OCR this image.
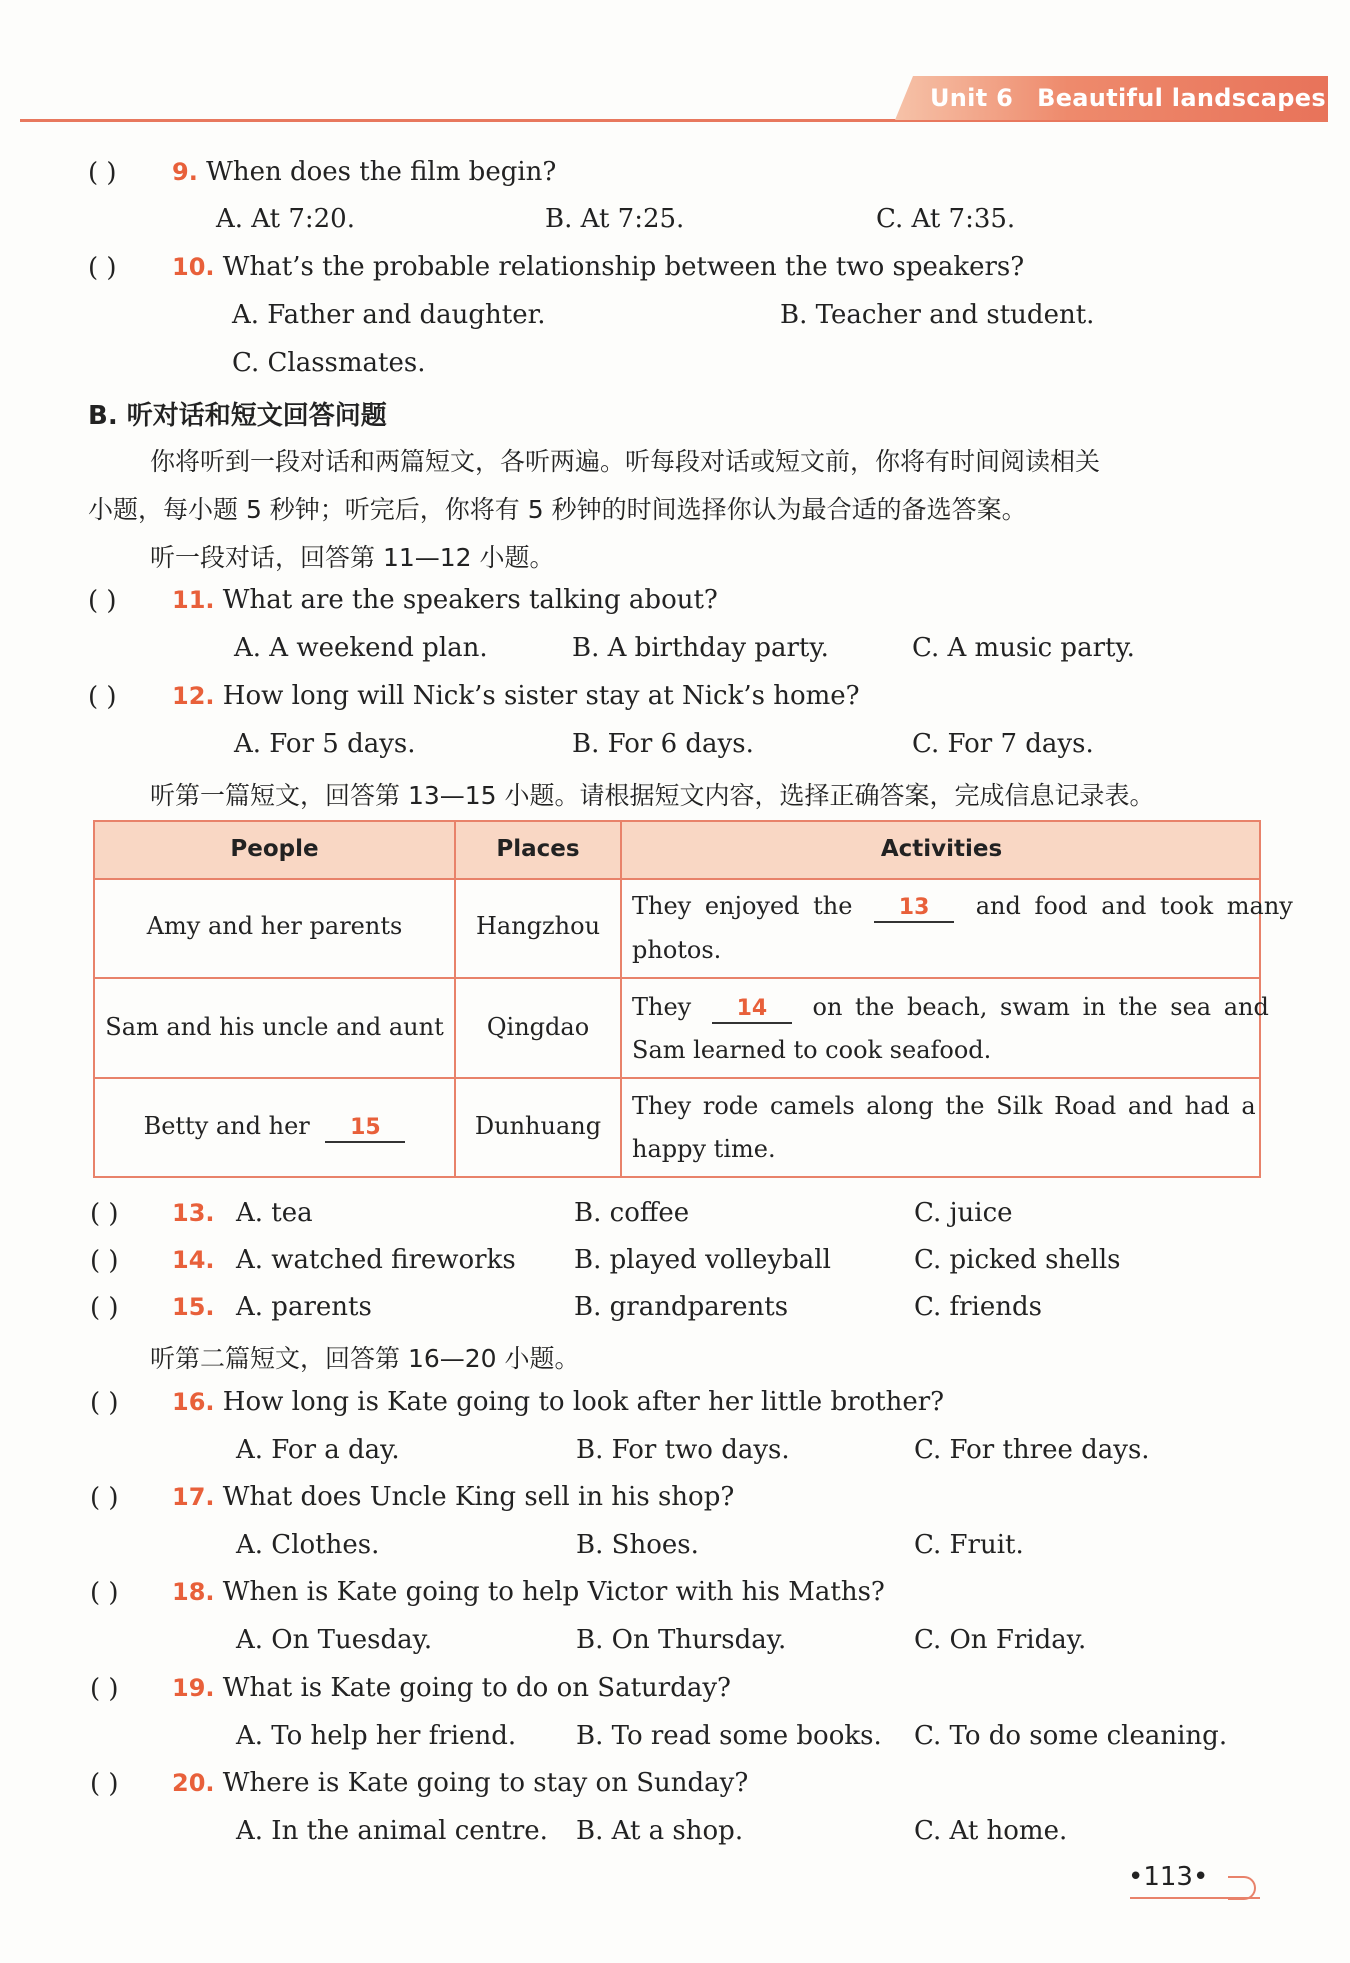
Unit 6 Beautiful landscapes
( ) 9. When does the film begin?
A. At 7:20.	B. At 7:25.	C. At 7:35.
( ) 10. What’s the probable relationship between the two speakers?
A. Father and daughter.	B. Teacher and student.
C. Classmates.
B. 听对话和短文回答问题
你将听到一段对话和两篇短文，各听两遍。听每段对话或短文前，你将有时间阅读相关
小题，每小题 5 秒钟；听完后，你将有 5 秒钟的时间选择你认为最合适的备选答案。
听一段对话，回答第 11—12 小题。
( ) 11. What are the speakers talking about?
A. A weekend plan.	B. A birthday party.	C. A music party.
( ) 12. How long will Nick’s sister stay at Nick’s home?
A. For 5 days.	B. For 6 days.	C. For 7 days.
听第一篇短文，回答第 13—15 小题。请根据短文内容，选择正确答案，完成信息记录表。
People	Places	Activities
Amy and her parents	Hangzhou
They enjoyed the 13 and food and took many
photos.
Sam and his uncle and aunt	Qingdao
They 14 on the beach, swam in the sea and
Sam learned to cook seafood.
Betty and her 15	Dunhuang
They rode camels along the Silk Road and had a
happy time.
( ) 13. A. tea	B. coffee	C. juice
( ) 14. A. watched fireworks B. played volleyball	C. picked shells
( ) 15. A. parents	B. grandparents	C. friends
听第二篇短文，回答第 16—20 小题。
( ) 16. How long is Kate going to look after her little brother?
A. For a day.	B. For two days.	C. For three days.
( ) 17. What does Uncle King sell in his shop?
A. Clothes.	B. Shoes.	C. Fruit.
( ) 18. When is Kate going to help Victor with his Maths?
A. On Tuesday.	B. On Thursday.	C. On Friday.
( ) 19. What is Kate going to do on Saturday?
A. To help her friend. B. To read some books. C. To do some cleaning.
( ) 20. Where is Kate going to stay on Sunday?
A. In the animal centre. B. At a shop.	C. At home.
•113•
